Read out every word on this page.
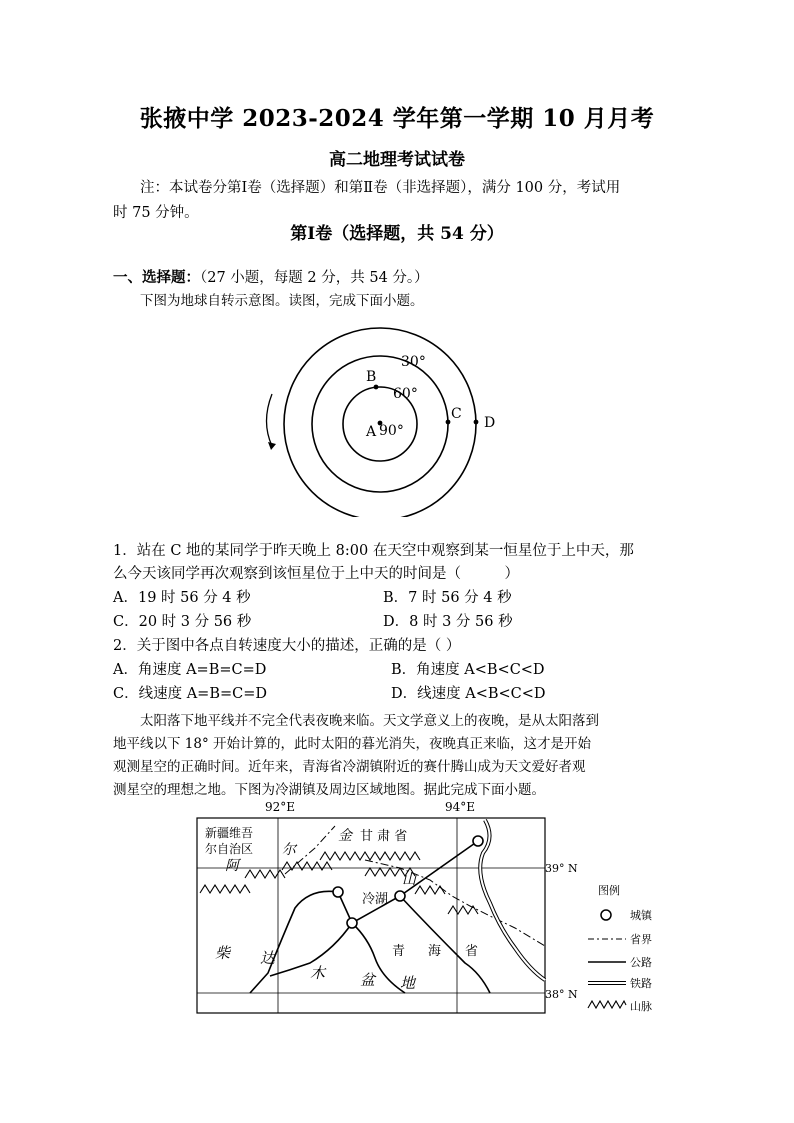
张掖中学 2023-2024 学年第一学期 10 月月考
高二地理考试试卷
注：本试卷分第Ⅰ卷（选择题）和第Ⅱ卷（非选择题），满分 100 分，考试用
时 75 分钟。
第Ⅰ卷（选择题，共 54 分）
一、选择题：（27 小题，每题 2 分，共 54 分。）
下图为地球自转示意图。读图，完成下面小题。
30°
60°
90°
A
B
C
D
1．站在 C 地的某同学于昨天晚上 8:00 在天空中观察到某一恒星位于上中天，那
么今天该同学再次观察到该恒星位于上中天的时间是（　　　）
A．19 时 56 分 4 秒	B．7 时 56 分 4 秒
C．20 时 3 分 56 秒	D．8 时 3 分 56 秒
2．关于图中各点自转速度大小的描述，正确的是（ ）
A．角速度 A=B=C=D	B．角速度 A<B<C<D
C．线速度 A=B=C=D	D．线速度 A<B<C<D
太阳落下地平线并不完全代表夜晚来临。天文学意义上的夜晚，是从太阳落到
地平线以下 18° 开始计算的，此时太阳的暮光消失，夜晚真正来临，这才是开始
观测星空的正确时间。近年来，青海省冷湖镇附近的赛什腾山成为天文爱好者观
测星空的理想之地。下图为冷湖镇及周边区域地图。据此完成下面小题。
92°E	94°E
39° N
38° N
新疆维吾
尔自治区
甘 肃 省
阿
尔
金
山
冷湖
青 海 省
柴 达
木 盆 地
图例
城镇
省界
公路
铁路
山脉
